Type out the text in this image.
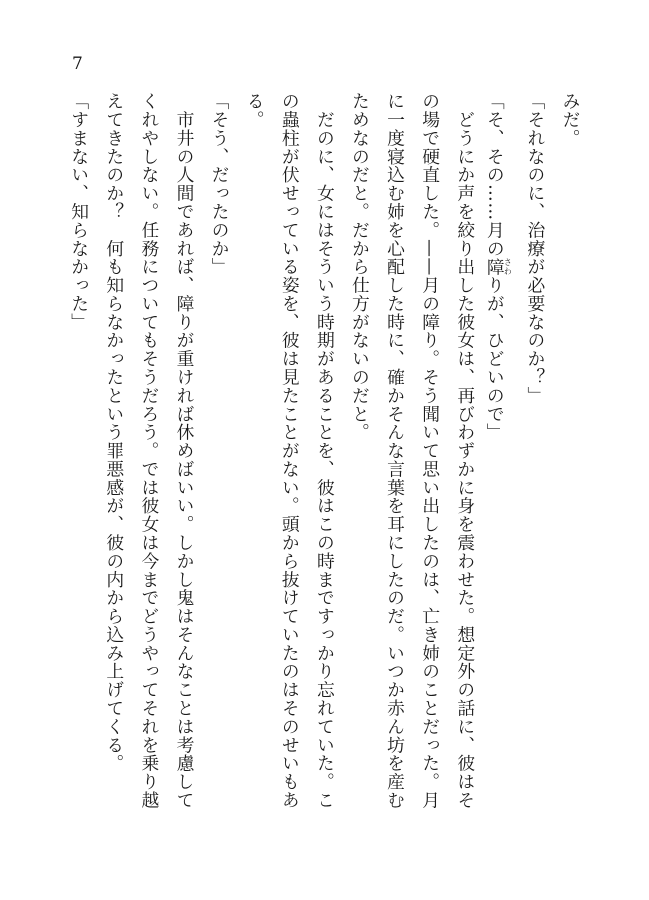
7
みだ。
「それなのに、治療が必要なのか？」
「そ、その……月の障さわりが、ひどいので」
　どうにか声を絞り出した彼女は、再びわずかに身を震わせた。想定外の話に、彼はそ
の場で硬直した。——月の障り。そう聞いて思い出したのは、亡き姉のことだった。月
に一度寝込む姉を心配した時に、確かそんな言葉を耳にしたのだ。いつか赤ん坊を産む
ためなのだと。だから仕方がないのだと。
　だのに、女にはそういう時期があることを、彼はこの時まですっかり忘れていた。こ
の蟲柱が伏せっている姿を、彼は見たことがない。頭から抜けていたのはそのせいもあ
る。
「そう、だったのか」
　市井の人間であれば、障りが重ければ休めばいい。しかし鬼はそんなことは考慮して
くれやしない。任務についてもそうだろう。では彼女は今までどうやってそれを乗り越
えてきたのか？　何も知らなかったという罪悪感が、彼の内から込み上げてくる。
「すまない、知らなかった」
